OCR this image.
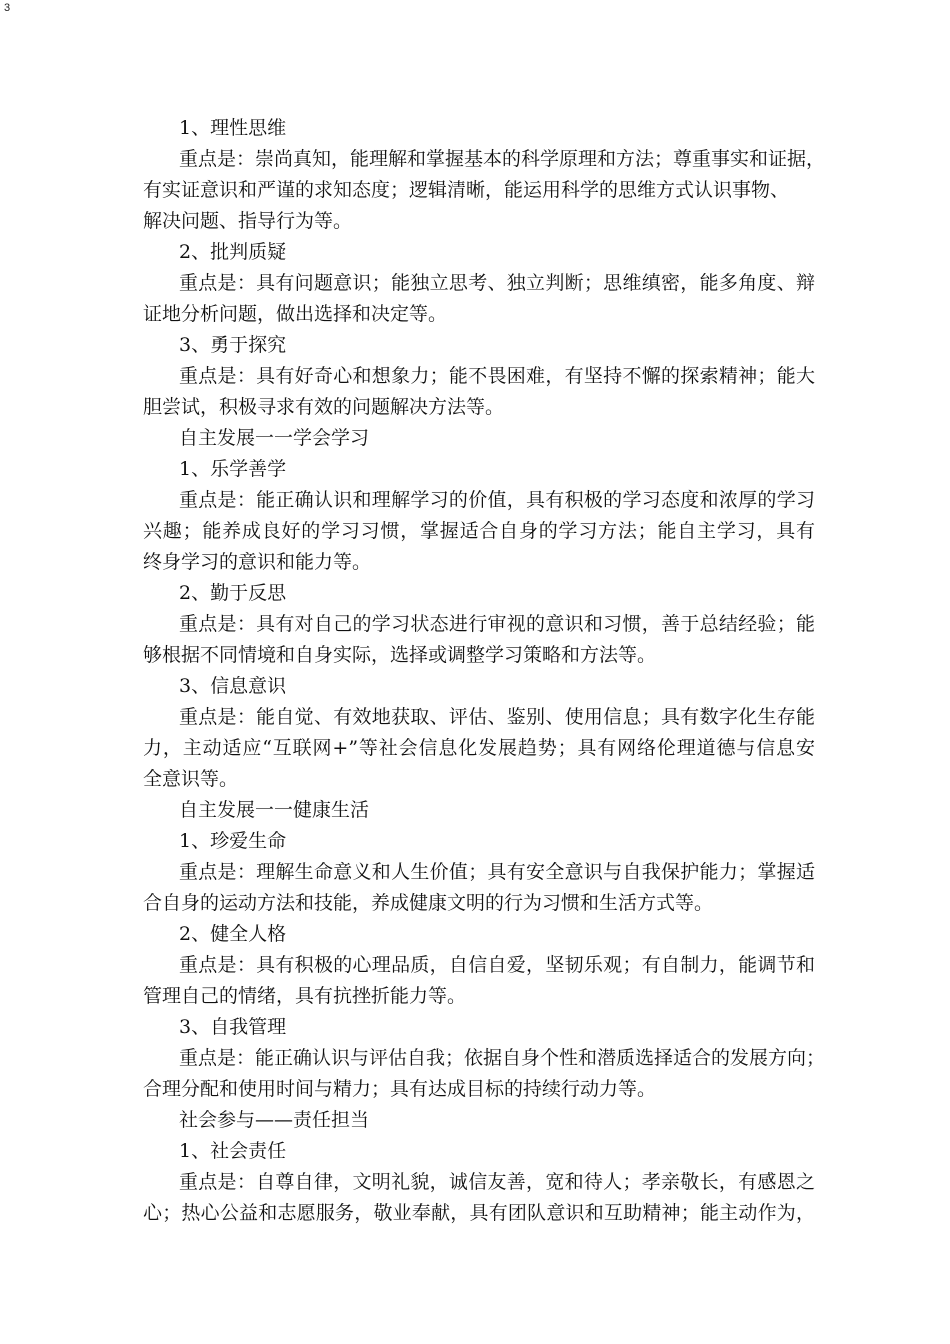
3
1、理性思维
重点是：崇尚真知，能理解和掌握基本的科学原理和方法；尊重事实和证据，
有实证意识和严谨的求知态度；逻辑清晰，能运用科学的思维方式认识事物、
解决问题、指导行为等。
2、批判质疑
重点是：具有问题意识；能独立思考、独立判断；思维缜密，能多角度、辩
证地分析问题，做出选择和决定等。
3、勇于探究
重点是：具有好奇心和想象力；能不畏困难，有坚持不懈的探索精神；能大
胆尝试，积极寻求有效的问题解决方法等。
自主发展一一学会学习
1、乐学善学
重点是：能正确认识和理解学习的价值，具有积极的学习态度和浓厚的学习
兴趣；能养成良好的学习习惯，掌握适合自身的学习方法；能自主学习，具有
终身学习的意识和能力等。
2、勤于反思
重点是：具有对自己的学习状态进行审视的意识和习惯，善于总结经验；能
够根据不同情境和自身实际，选择或调整学习策略和方法等。
3、信息意识
重点是：能自觉、有效地获取、评估、鉴别、使用信息；具有数字化生存能
力，主动适应“互联网+”等社会信息化发展趋势；具有网络伦理道德与信息安
全意识等。
自主发展一一健康生活
1、珍爱生命
重点是：理解生命意义和人生价值；具有安全意识与自我保护能力；掌握适
合自身的运动方法和技能，养成健康文明的行为习惯和生活方式等。
2、健全人格
重点是：具有积极的心理品质，自信自爱，坚韧乐观；有自制力，能调节和
管理自己的情绪，具有抗挫折能力等。
3、自我管理
重点是：能正确认识与评估自我；依据自身个性和潜质选择适合的发展方向；
合理分配和使用时间与精力；具有达成目标的持续行动力等。
社会参与——责任担当
1、社会责任
重点是：自尊自律，文明礼貌，诚信友善，宽和待人；孝亲敬长，有感恩之
心；热心公益和志愿服务，敬业奉献，具有团队意识和互助精神；能主动作为，
